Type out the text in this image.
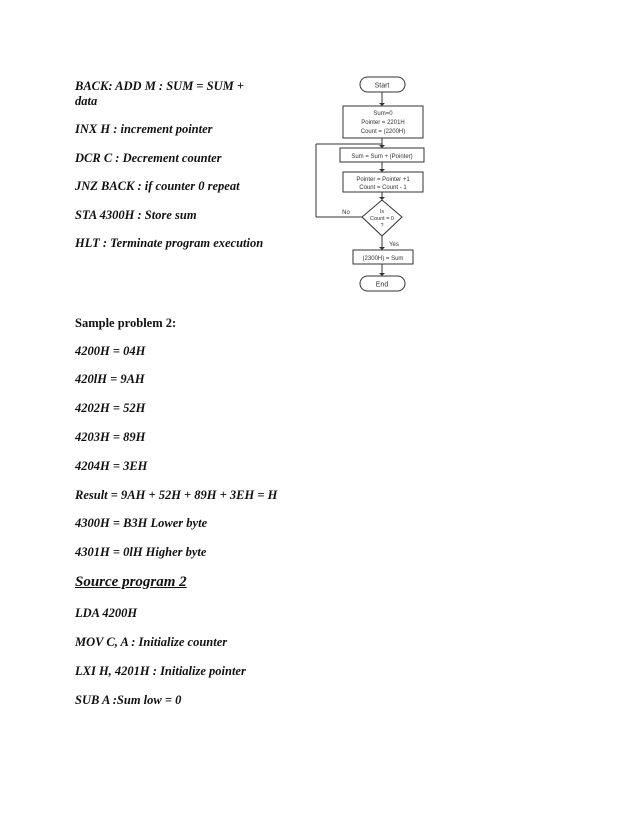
BACK: ADD M : SUM = SUM +
data
INX H : increment pointer
DCR C : Decrement counter
JNZ BACK : if counter 0 repeat
STA 4300H : Store sum
HLT : Terminate program execution
Start
Sum=0
Pointer = 2201H
Count = (2200H)
Sum = Sum + (Pointer)
Pointer = Pointer +1
Count = Count - 1
Is
Count = 0
?
No
Yes
(2300H) = Sum
End
Sample problem 2:
4200H = 04H
420lH = 9AH
4202H = 52H
4203H = 89H
4204H = 3EH
Result = 9AH + 52H + 89H + 3EH = H
4300H = B3H Lower byte
4301H = 0lH Higher byte
Source program 2
LDA 4200H
MOV C, A : Initialize counter
LXI H, 4201H : Initialize pointer
SUB A :Sum low = 0
